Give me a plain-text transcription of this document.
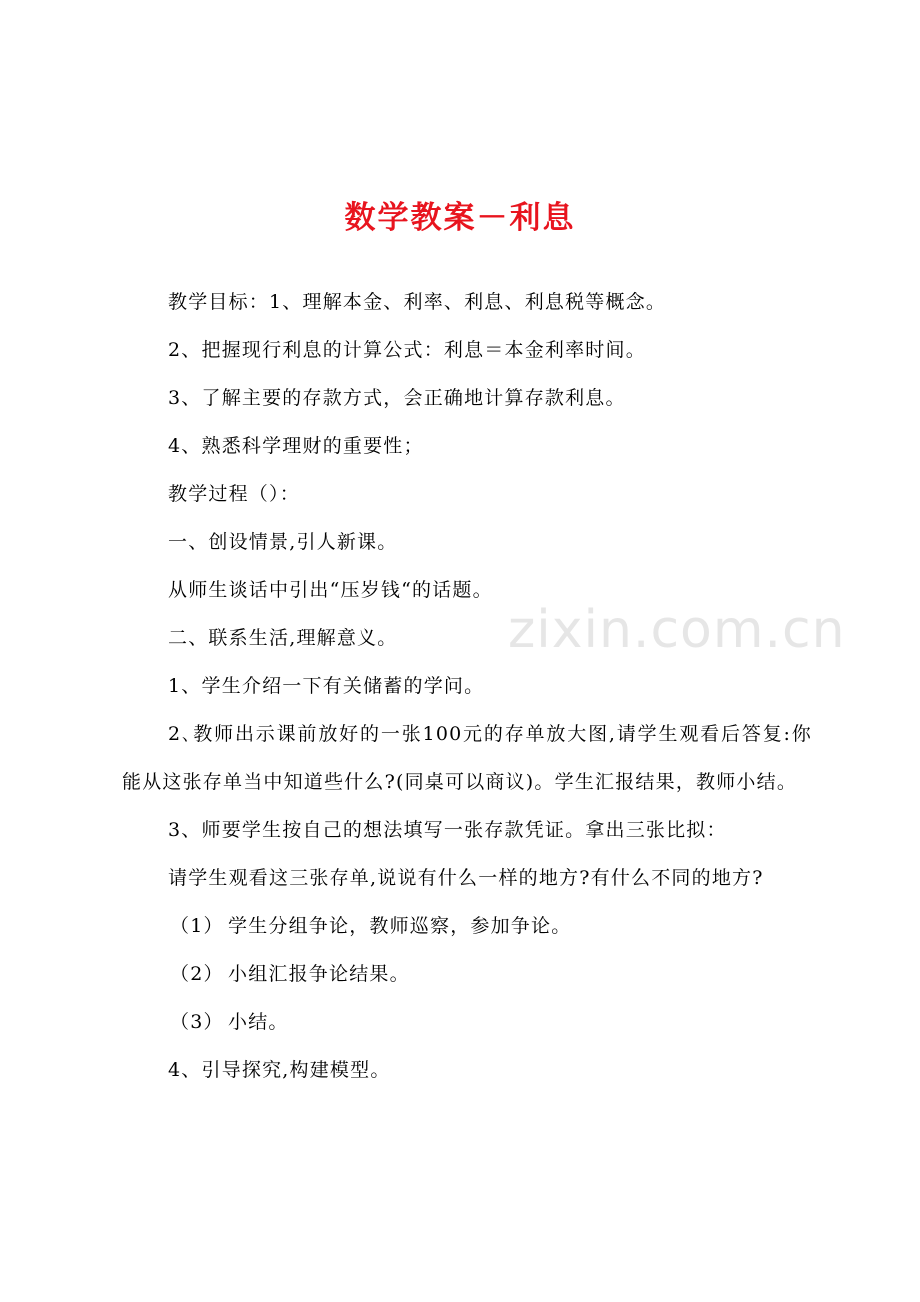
数学教案－利息
zixin.com.cn

教学目标：1、理解本金、利率、利息、利息税等概念。

2、把握现行利息的计算公式：利息＝本金利率时间。

3、了解主要的存款方式，会正确地计算存款利息。

4、熟悉科学理财的重要性；

教学过程（）：

一、创设情景,引人新课。

从师生谈话中引出“压岁钱“的话题。

二、联系生活,理解意义。

1、学生介绍一下有关储蓄的学问。

2､教师出示课前放好的一张100元的存单放大图,请学生观看后答复:你能从这张存单当中知道些什么?(同桌可以商议)。学生汇报结果，教师小结。

3、师要学生按自己的想法填写一张存款凭证。拿出三张比拟：

请学生观看这三张存单,说说有什么一样的地方?有什么不同的地方?

（1） 学生分组争论，教师巡察，参加争论。

（2） 小组汇报争论结果。

（3） 小结。

4、引导探究,构建模型。
